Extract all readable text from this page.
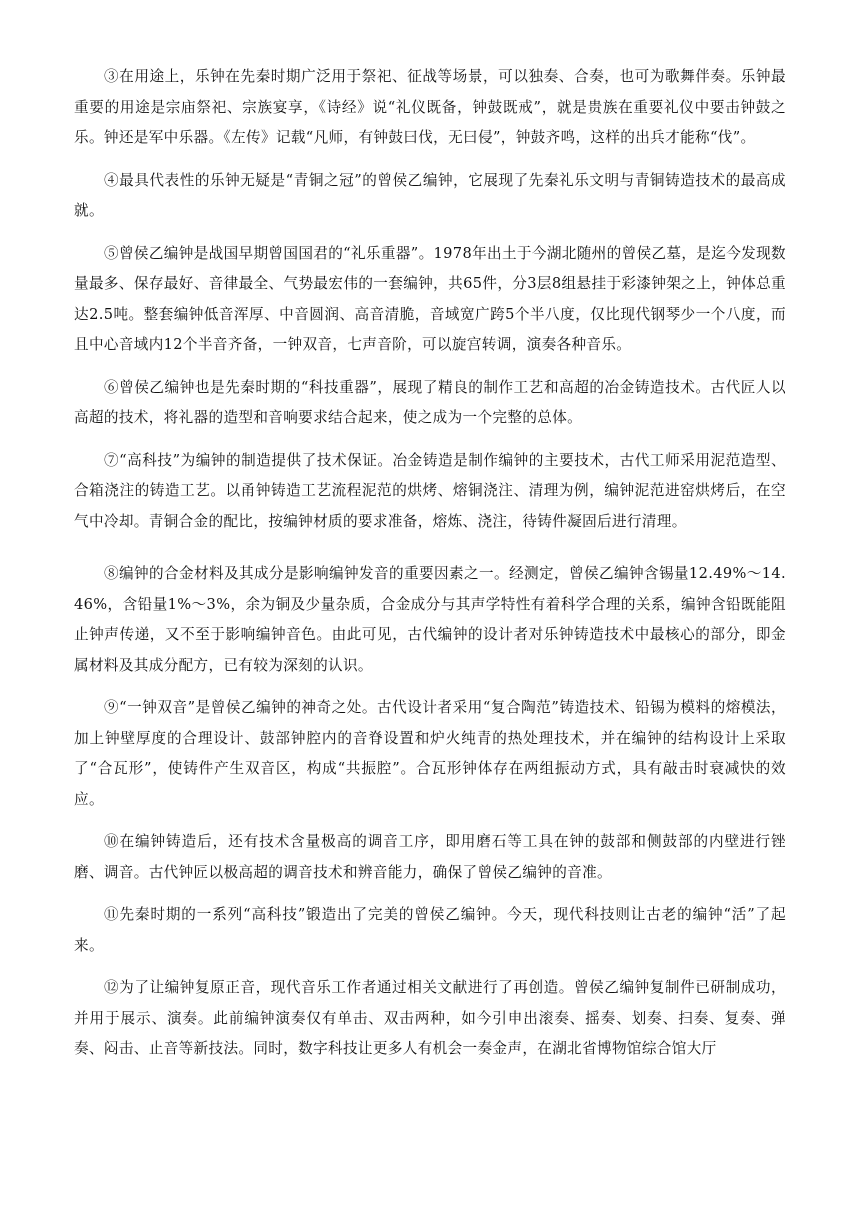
③在用途上，乐钟在先秦时期广泛用于祭祀、征战等场景，可以独奏、合奏，也可为歌舞伴奏。乐钟最重要的用途是宗庙祭祀、宗族宴享，《诗经》说“礼仪既备，钟鼓既戒”，就是贵族在重要礼仪中要击钟鼓之乐。钟还是军中乐器。《左传》记载“凡师，有钟鼓曰伐，无曰侵”，钟鼓齐鸣，这样的出兵才能称“伐”。

④最具代表性的乐钟无疑是“青铜之冠”的曾侯乙编钟，它展现了先秦礼乐文明与青铜铸造技术的最高成就。

⑤曾侯乙编钟是战国早期曾国国君的“礼乐重器”。1978年出土于今湖北随州的曾侯乙墓，是迄今发现数量最多、保存最好、音律最全、气势最宏伟的一套编钟，共65件，分3层8组悬挂于彩漆钟架之上，钟体总重达2.5吨。整套编钟低音浑厚、中音圆润、高音清脆，音域宽广跨5个半八度，仅比现代钢琴少一个八度，而且中心音域内12个半音齐备，一钟双音，七声音阶，可以旋宫转调，演奏各种音乐。

⑥曾侯乙编钟也是先秦时期的“科技重器”，展现了精良的制作工艺和高超的冶金铸造技术。古代匠人以高超的技术，将礼器的造型和音响要求结合起来，使之成为一个完整的总体。

⑦“高科技”为编钟的制造提供了技术保证。冶金铸造是制作编钟的主要技术，古代工师采用泥范造型、合箱浇注的铸造工艺。以甬钟铸造工艺流程泥范的烘烤、熔铜浇注、清理为例，编钟泥范进窑烘烤后，在空气中冷却。青铜合金的配比，按编钟材质的要求准备，熔炼、浇注，待铸件凝固后进行清理。

⑧编钟的合金材料及其成分是影响编钟发音的重要因素之一。经测定，曾侯乙编钟含锡量12.49%～14.46%，含铅量1%～3%，余为铜及少量杂质，合金成分与其声学特性有着科学合理的关系，编钟含铅既能阻止钟声传递，又不至于影响编钟音色。由此可见，古代编钟的设计者对乐钟铸造技术中最核心的部分，即金属材料及其成分配方，已有较为深刻的认识。

⑨“一钟双音”是曾侯乙编钟的神奇之处。古代设计者采用“复合陶范”铸造技术、铅锡为模料的熔模法，加上钟壁厚度的合理设计、鼓部钟腔内的音脊设置和炉火纯青的热处理技术，并在编钟的结构设计上采取了“合瓦形”，使铸件产生双音区，构成“共振腔”。合瓦形钟体存在两组振动方式，具有敲击时衰减快的效应。

⑩在编钟铸造后，还有技术含量极高的调音工序，即用磨石等工具在钟的鼓部和侧鼓部的内壁进行锉磨、调音。古代钟匠以极高超的调音技术和辨音能力，确保了曾侯乙编钟的音准。

⑪先秦时期的一系列“高科技”锻造出了完美的曾侯乙编钟。今天，现代科技则让古老的编钟“活”了起来。

⑫为了让编钟复原正音，现代音乐工作者通过相关文献进行了再创造。曾侯乙编钟复制件已研制成功，并用于展示、演奏。此前编钟演奏仅有单击、双击两种，如今引申出滚奏、摇奏、划奏、扫奏、复奏、弹奏、闷击、止音等新技法。同时，数字科技让更多人有机会一奏金声，在湖北省博物馆综合馆大厅
